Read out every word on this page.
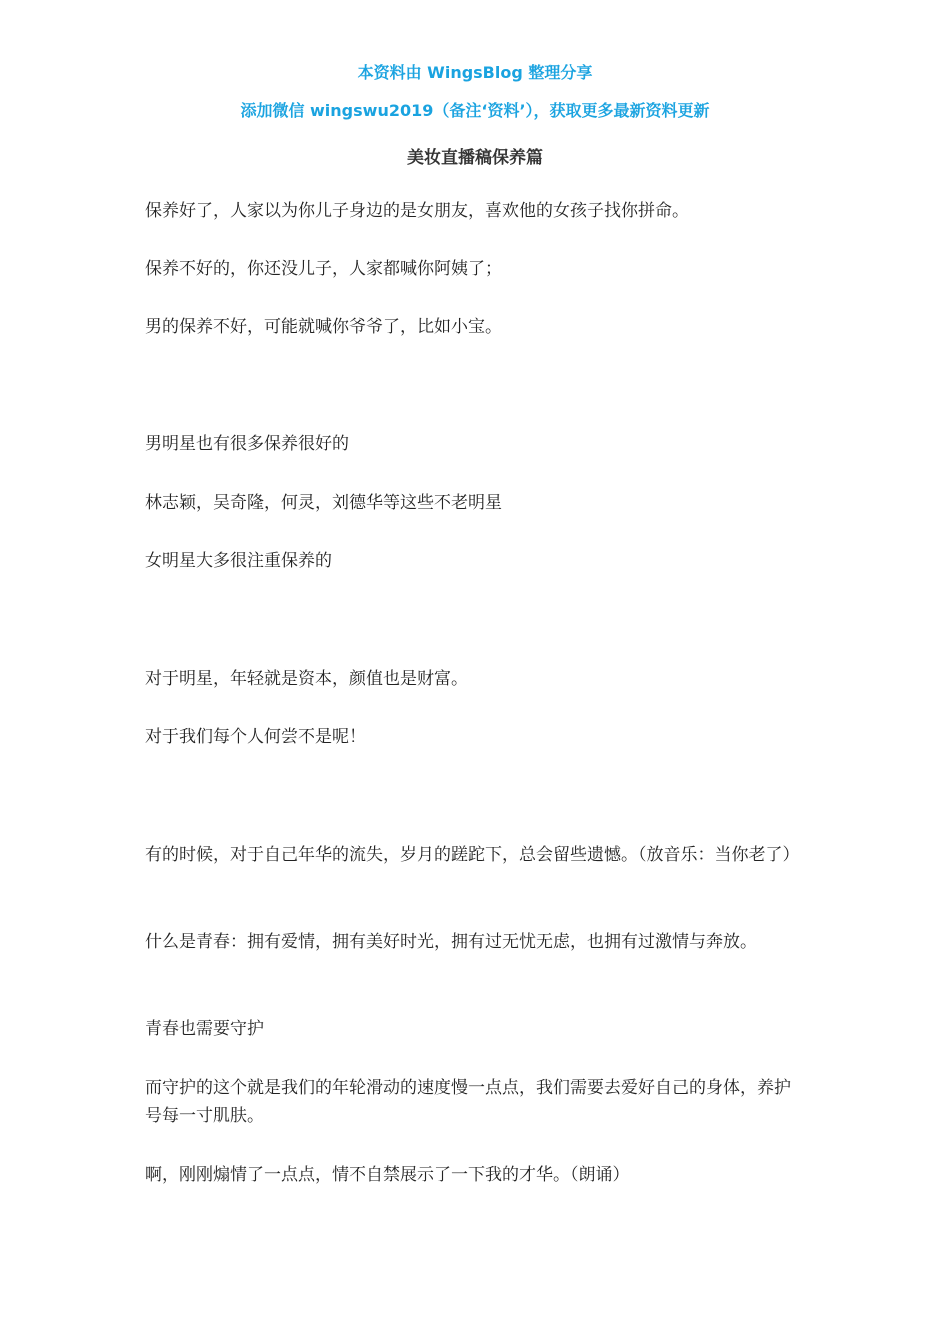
本资料由 WingsBlog 整理分享
添加微信 wingswu2019（备注‘资料’），获取更多最新资料更新
美妆直播稿保养篇
保养好了，人家以为你儿子身边的是女朋友，喜欢他的女孩子找你拼命。
保养不好的，你还没儿子，人家都喊你阿姨了；
男的保养不好，可能就喊你爷爷了，比如小宝。
男明星也有很多保养很好的
林志颖，吴奇隆，何灵，刘德华等这些不老明星
女明星大多很注重保养的
对于明星，年轻就是资本，颜值也是财富。
对于我们每个人何尝不是呢！
有的时候，对于自己年华的流失，岁月的蹉跎下，总会留些遗憾。（放音乐：当你老了）
什么是青春：拥有爱情，拥有美好时光，拥有过无忧无虑，也拥有过激情与奔放。
青春也需要守护
而守护的这个就是我们的年轮滑动的速度慢一点点，我们需要去爱好自己的身体，养护号每一寸肌肤。
啊，刚刚煽情了一点点，情不自禁展示了一下我的才华。（朗诵）
